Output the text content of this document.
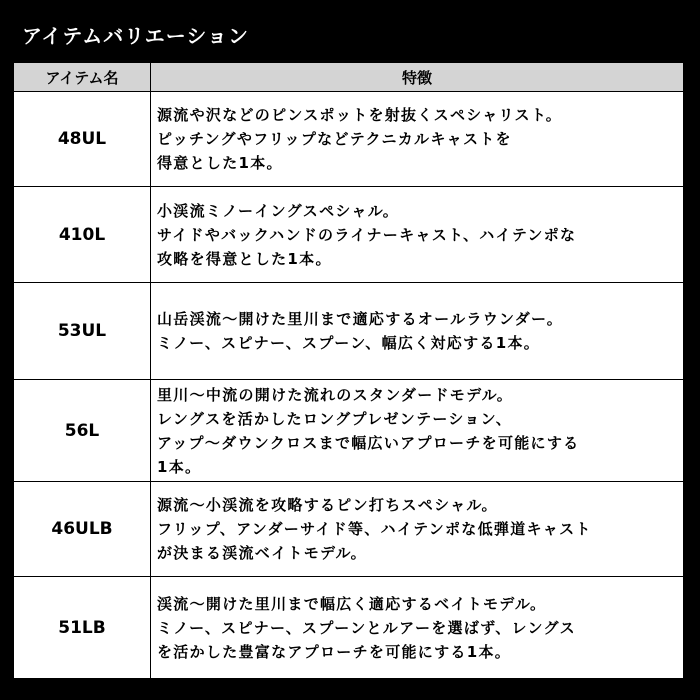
アイテムバリエーション
アイテム名	特徴
48UL	源流や沢などのピンスポットを射抜くスペシャリスト。
ピッチングやフリップなどテクニカルキャストを
得意とした1本。

410L	小渓流ミノーイングスペシャル。
サイドやバックハンドのライナーキャスト、ハイテンポな
攻略を得意とした1本。

53UL	山岳渓流～開けた里川まで適応するオールラウンダー。
ミノー、スピナー、スプーン、幅広く対応する1本。

56L	里川～中流の開けた流れのスタンダードモデル。
レングスを活かしたロングプレゼンテーション、
アップ～ダウンクロスまで幅広いアプローチを可能にする
1本。

46ULB	源流～小渓流を攻略するピン打ちスペシャル。
フリップ、アンダーサイド等、ハイテンポな低弾道キャスト
が決まる渓流ベイトモデル。

51LB	渓流～開けた里川まで幅広く適応するベイトモデル。
ミノー、スピナー、スプーンとルアーを選ばず、レングス
を活かした豊富なアプローチを可能にする1本。
